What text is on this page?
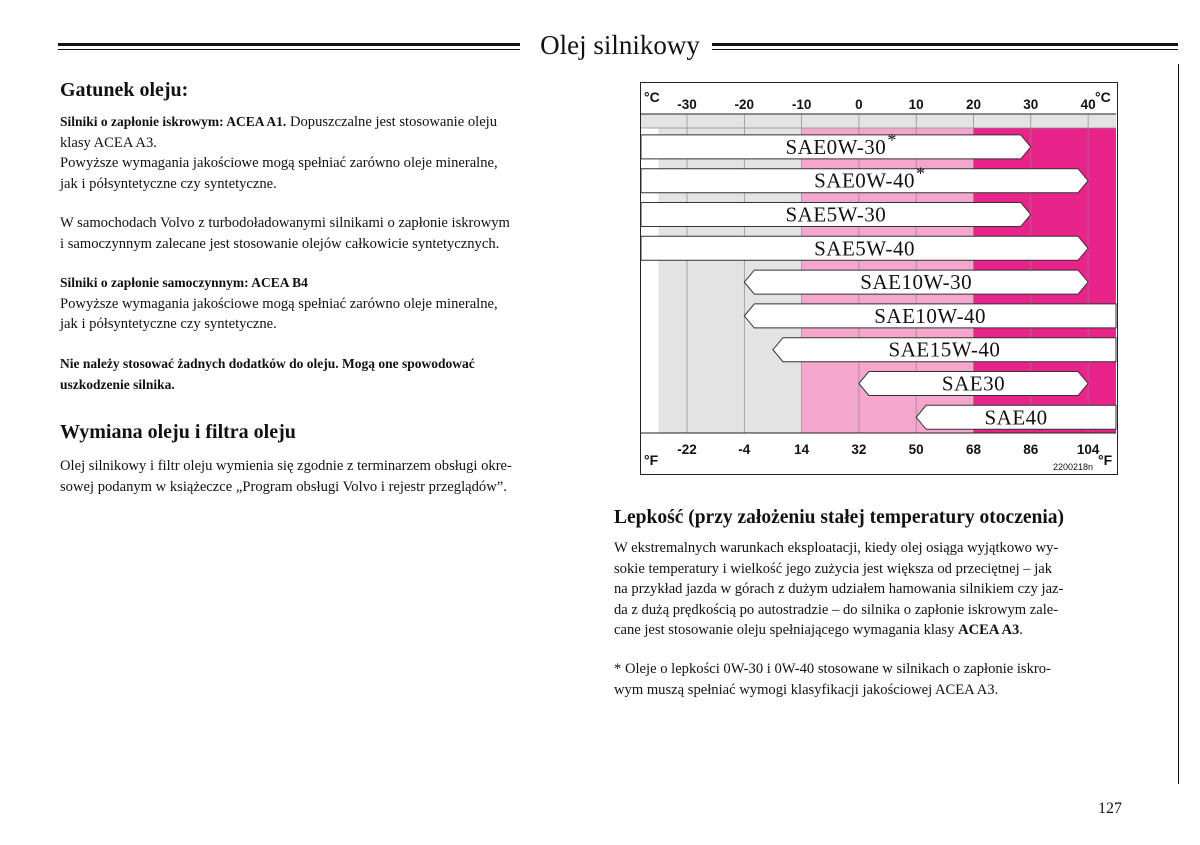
Olej silnikowy
Gatunek oleju:
Silniki o zapłonie iskrowym: ACEA A1. Dopuszczalne jest stosowanie oleju
klasy ACEA A3.
Powyższe wymagania jakościowe mogą spełniać zarówno oleje mineralne,
jak i półsyntetyczne czy syntetyczne.
W samochodach Volvo z turbodoładowanymi silnikami o zapłonie iskrowym
i samoczynnym zalecane jest stosowanie olejów całkowicie syntetycznych.
Silniki o zapłonie samoczynnym: ACEA B4
Powyższe wymagania jakościowe mogą spełniać zarówno oleje mineralne,
jak i półsyntetyczne czy syntetyczne.
Nie należy stosować żadnych dodatków do oleju. Mogą one spowodować
uszkodzenie silnika.
Wymiana oleju i filtra oleju
Olej silnikowy i filtr oleju wymienia się zgodnie z terminarzem obsługi okre-
sowej podanym w książeczce „Program obsługi Volvo i rejestr przeglądów”.
°C	°C
°F	°F
-30	-20	-10	0	10	20	30	40
-22	-4	14	32	50	68	86	104
2200218n
SAE0W-30 *
SAE0W-40 *
SAE5W-30
SAE5W-40
SAE10W-30
SAE10W-40
SAE15W-40
SAE30
SAE40
Lepkość (przy założeniu stałej temperatury otoczenia)
W ekstremalnych warunkach eksploatacji, kiedy olej osiąga wyjątkowo wy-
sokie temperatury i wielkość jego zużycia jest większa od przeciętnej – jak
na przykład jazda w górach z dużym udziałem hamowania silnikiem czy jaz-
da z dużą prędkością po autostradzie – do silnika o zapłonie iskrowym zale-
cane jest stosowanie oleju spełniającego wymagania klasy ACEA A3.
* Oleje o lepkości 0W-30 i 0W-40 stosowane w silnikach o zapłonie iskro-
wym muszą spełniać wymogi klasyfikacji jakościowej ACEA A3.
127
